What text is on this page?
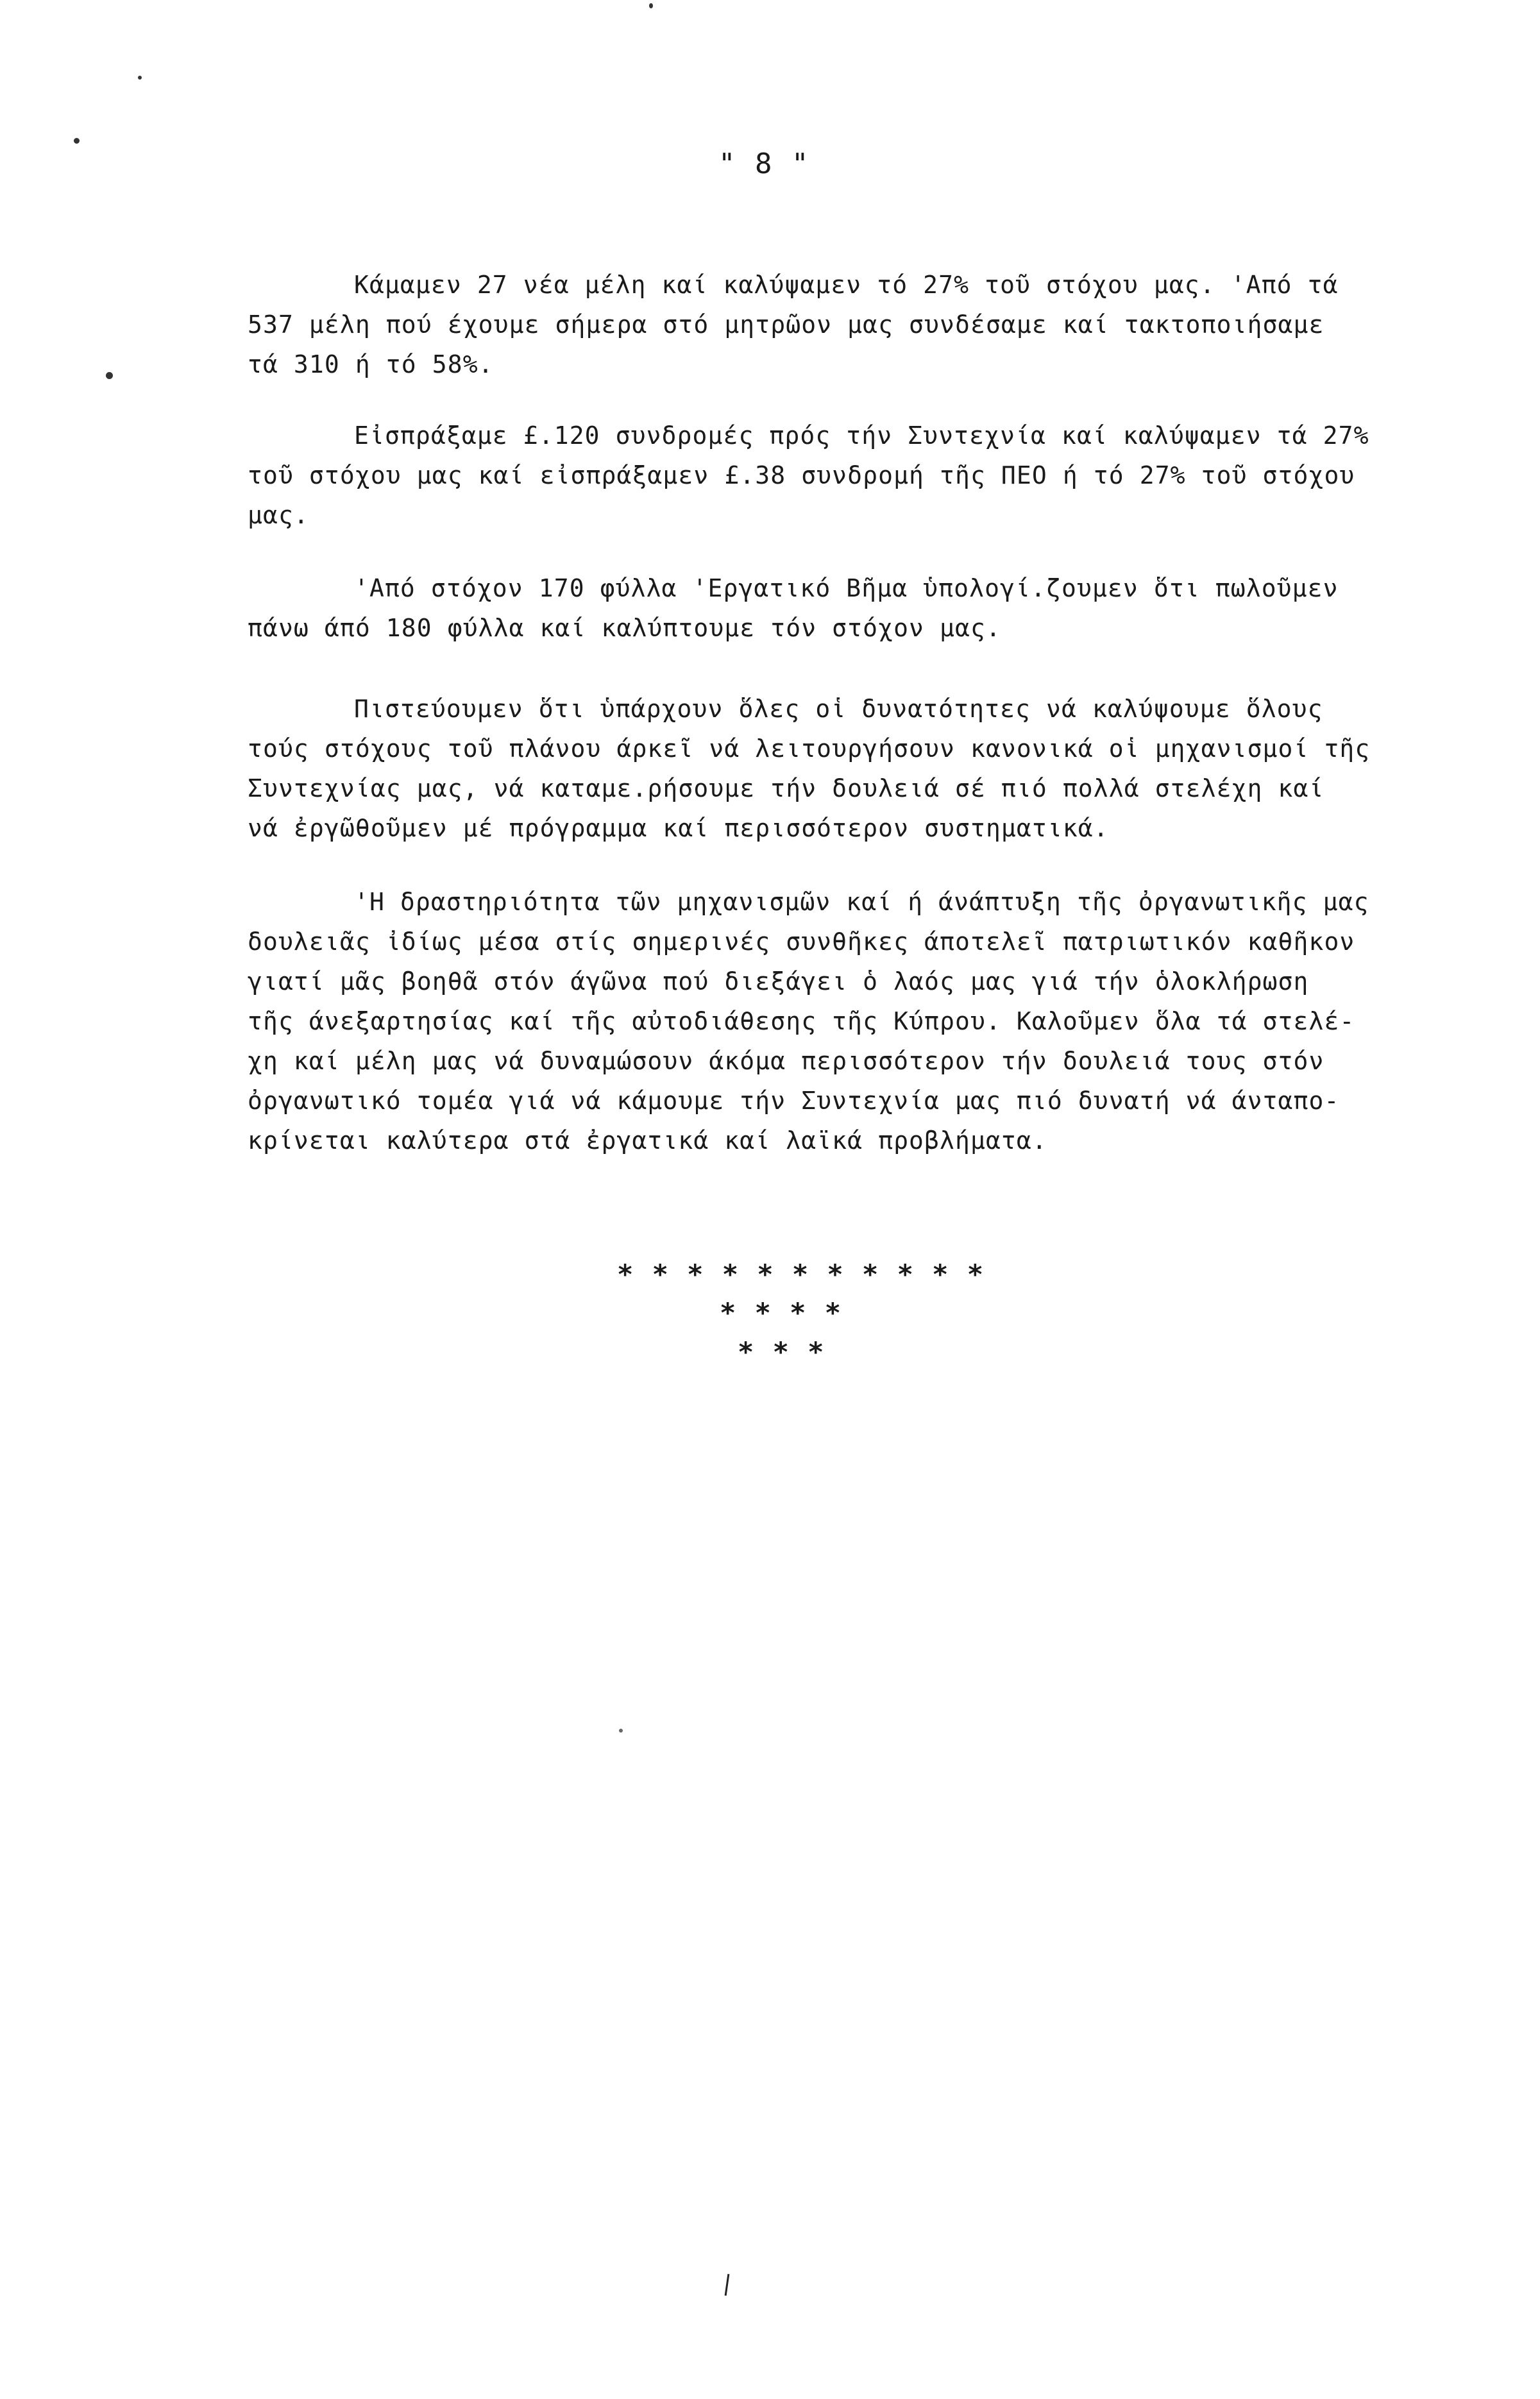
" 8 "
Κάμαμεν 27 νέα μέλη καί καλύψαμεν τό 27% τοῦ στόχου μας. 'Από τά
537 μέλη πού έχουμε σήμερα στό μητρῶον μας συνδέσαμε καί τακτοποιήσαμε
τά 310 ή τό 58%.
Εἰσπράξαμε £.120 συνδρομές πρός τήν Συντεχνία καί καλύψαμεν τά 27%
τοῦ στόχου μας καί εἰσπράξαμεν £.38 συνδρομή τῆς ΠΕΟ ή τό 27% τοῦ στόχου
μας.
'Από στόχον 170 φύλλα 'Εργατικό Βῆμα ὑπολογί.ζουμεν ὅτι πωλοῦμεν
πάνω άπό 180 φύλλα καί καλύπτουμε τόν στόχον μας.
Πιστεύουμεν ὅτι ὑπάρχουν ὅλες οἱ δυνατότητες νά καλύψουμε ὅλους
τούς στόχους τοῦ πλάνου άρκεῖ νά λειτουργήσουν κανονικά οἱ μηχανισμοί τῆς
Συντεχνίας μας, νά καταμε.ρήσουμε τήν δουλειά σέ πιό πολλά στελέχη καί
νά ἐργῶθοῦμεν μέ πρόγραμμα καί περισσότερον συστηματικά.
'Η δραστηριότητα τῶν μηχανισμῶν καί ή άνάπτυξη τῆς ὀργανωτικῆς μας
δουλειᾶς ἰδίως μέσα στίς σημερινές συνθῆκες άποτελεῖ πατριωτικόν καθῆκον
γιατί μᾶς βοηθᾶ στόν άγῶνα πού διεξάγει ὁ λαός μας γιά τήν ὁλοκλήρωση
τῆς άνεξαρτησίας καί τῆς αὐτοδιάθεσης τῆς Κύπρου. Καλοῦμεν ὅλα τά στελέ-
χη καί μέλη μας νά δυναμώσουν άκόμα περισσότερον τήν δουλειά τους στόν
ὀργανωτικό τομέα γιά νά κάμουμε τήν Συντεχνία μας πιό δυνατή νά άνταπο-
κρίνεται καλύτερα στά ἐργατικά καί λαϊκά προβλήματα.
* * * * * * * * * * *
* * * *
* * *
